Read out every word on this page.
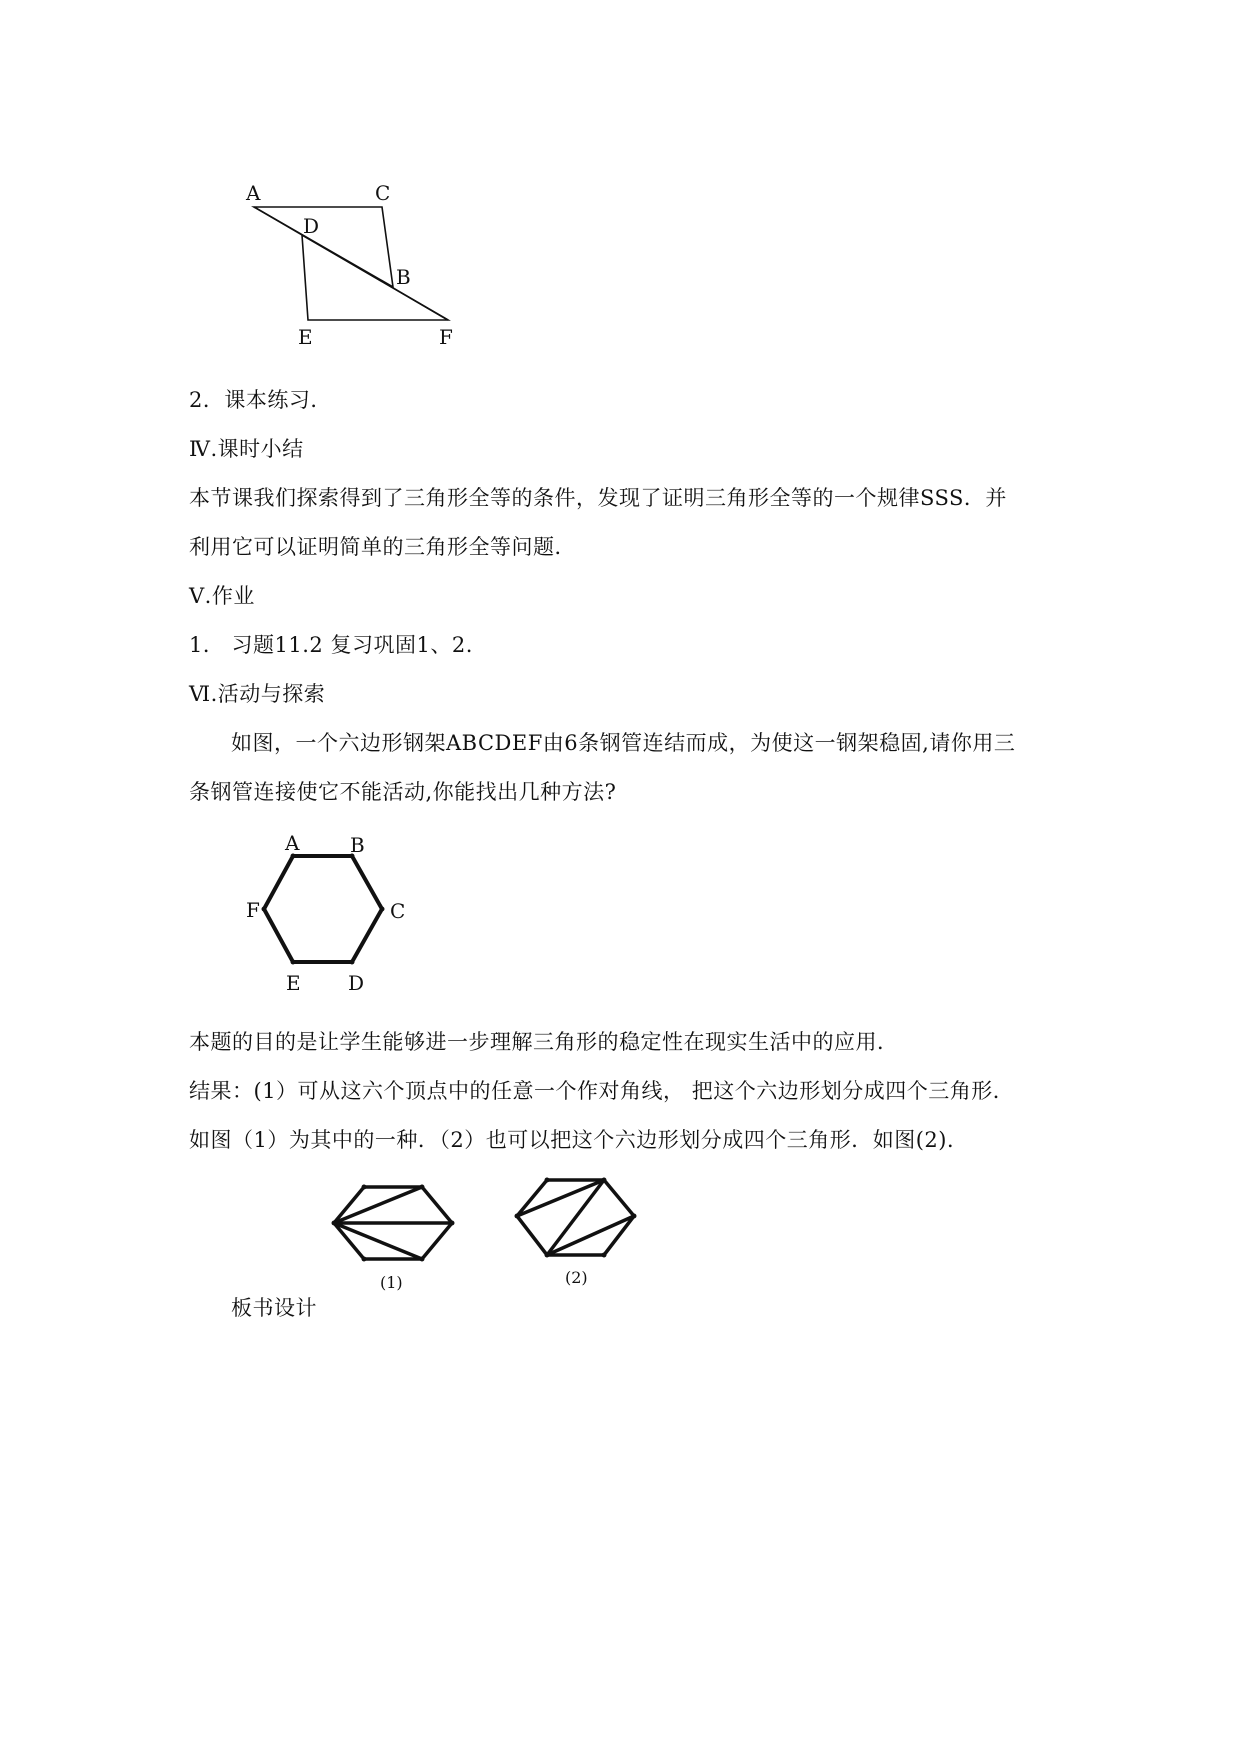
A	C
D
B
E	F
2．课本练习．
Ⅳ.课时小结
本节课我们探索得到了三角形全等的条件，发现了证明三角形全等的一个规律SSS．并
利用它可以证明简单的三角形全等问题．
Ⅴ.作业
1． 习题11.2 复习巩固1、2.
Ⅵ.活动与探索
如图，一个六边形钢架ABCDEF由6条钢管连结而成，为使这一钢架稳固,请你用三
条钢管连接使它不能活动,你能找出几种方法?
A	B
C
D
E
F
本题的目的是让学生能够进一步理解三角形的稳定性在现实生活中的应用．
结果：(1）可从这六个顶点中的任意一个作对角线， 把这个六边形划分成四个三角形．
如图（1）为其中的一种．（2）也可以把这个六边形划分成四个三角形．如图(2)．
(1)	(2)
板书设计
